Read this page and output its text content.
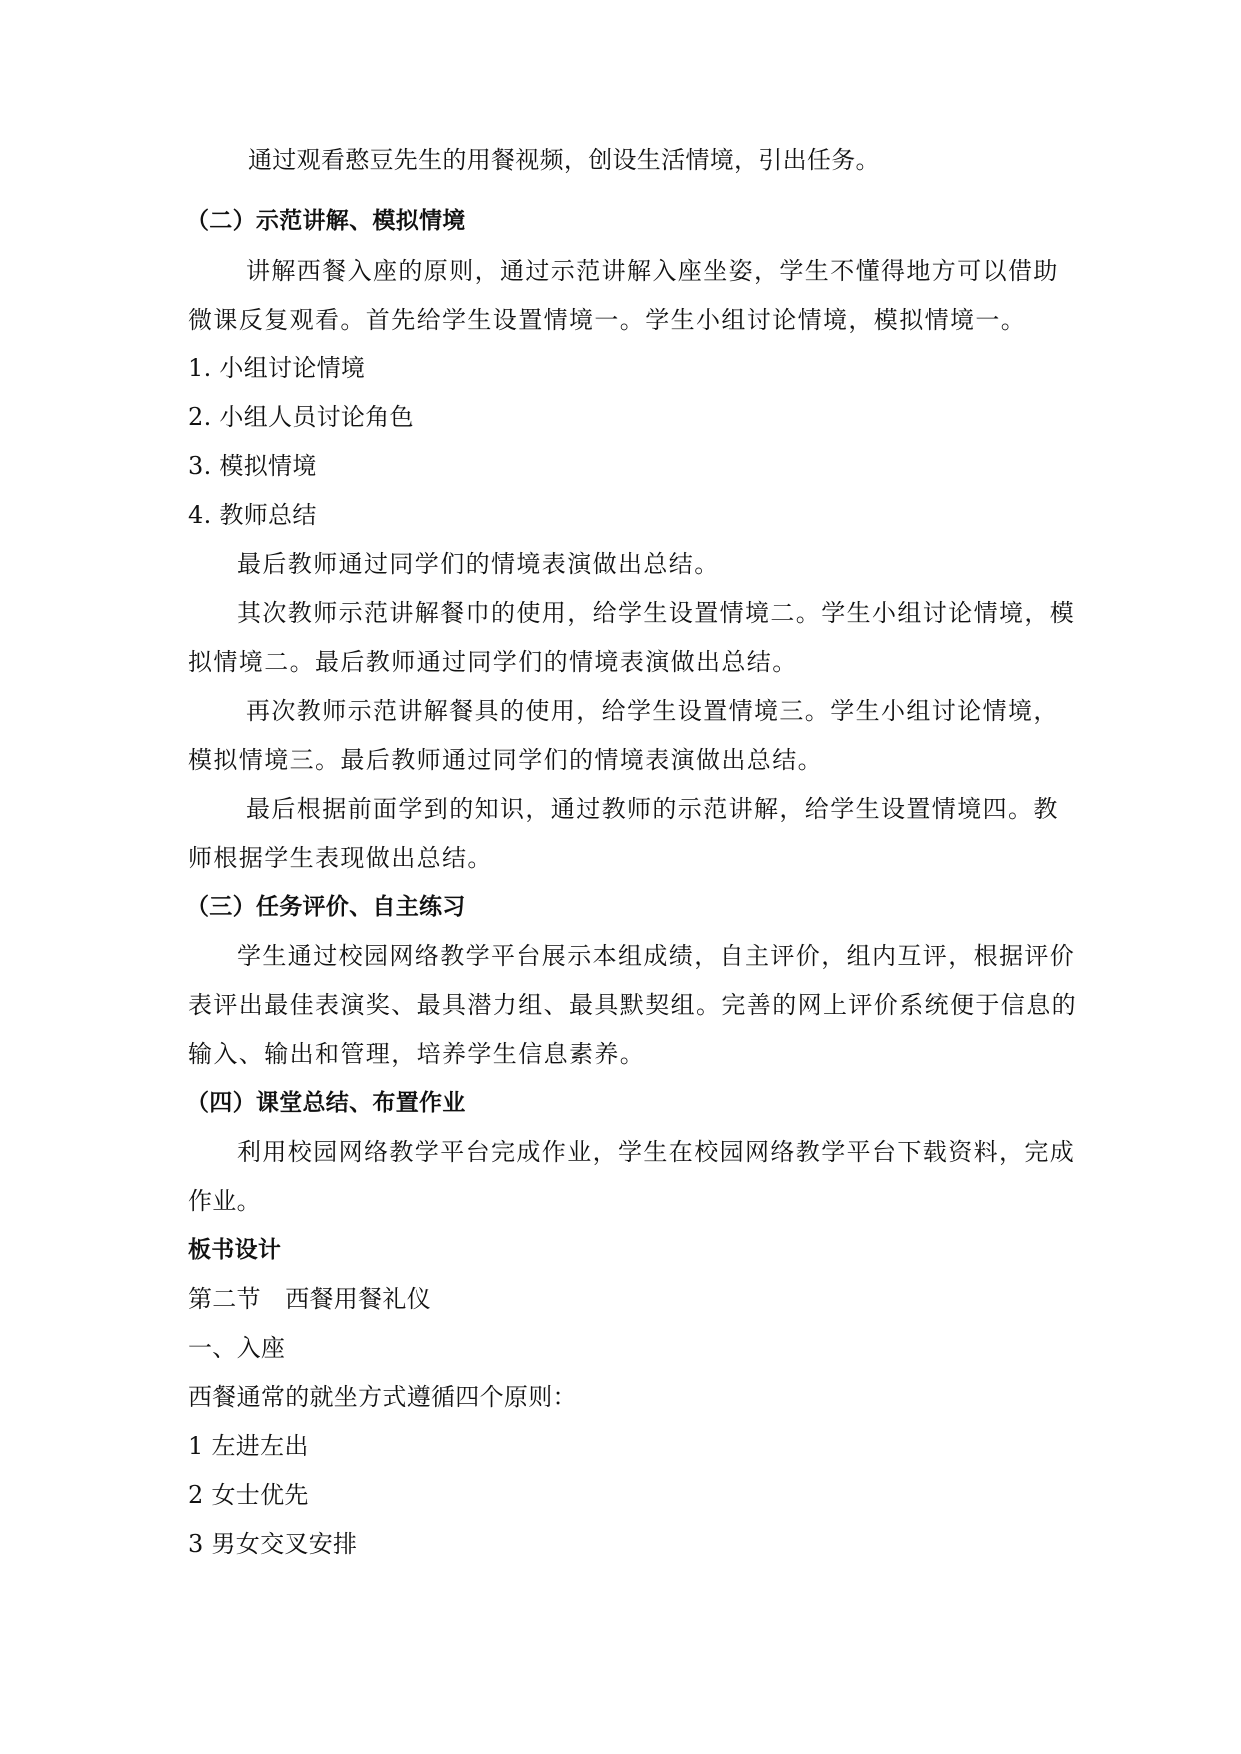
通过观看憨豆先生的用餐视频，创设生活情境，引出任务。
（二）示范讲解、模拟情境
讲解西餐入座的原则，通过示范讲解入座坐姿，学生不懂得地方可以借助
微课反复观看。首先给学生设置情境一。学生小组讨论情境，模拟情境一。
1. 小组讨论情境
2. 小组人员讨论角色
3. 模拟情境
4. 教师总结
最后教师通过同学们的情境表演做出总结。
其次教师示范讲解餐巾的使用，给学生设置情境二。学生小组讨论情境，模
拟情境二。最后教师通过同学们的情境表演做出总结。
再次教师示范讲解餐具的使用，给学生设置情境三。学生小组讨论情境，
模拟情境三。最后教师通过同学们的情境表演做出总结。
最后根据前面学到的知识，通过教师的示范讲解，给学生设置情境四。教
师根据学生表现做出总结。
（三）任务评价、自主练习
学生通过校园网络教学平台展示本组成绩，自主评价，组内互评，根据评价
表评出最佳表演奖、最具潜力组、最具默契组。完善的网上评价系统便于信息的
输入、输出和管理，培养学生信息素养。
（四）课堂总结、布置作业
利用校园网络教学平台完成作业，学生在校园网络教学平台下载资料，完成
作业。
板书设计
第二节　西餐用餐礼仪
一、入座
西餐通常的就坐方式遵循四个原则：
1 左进左出
2 女士优先
3 男女交叉安排
